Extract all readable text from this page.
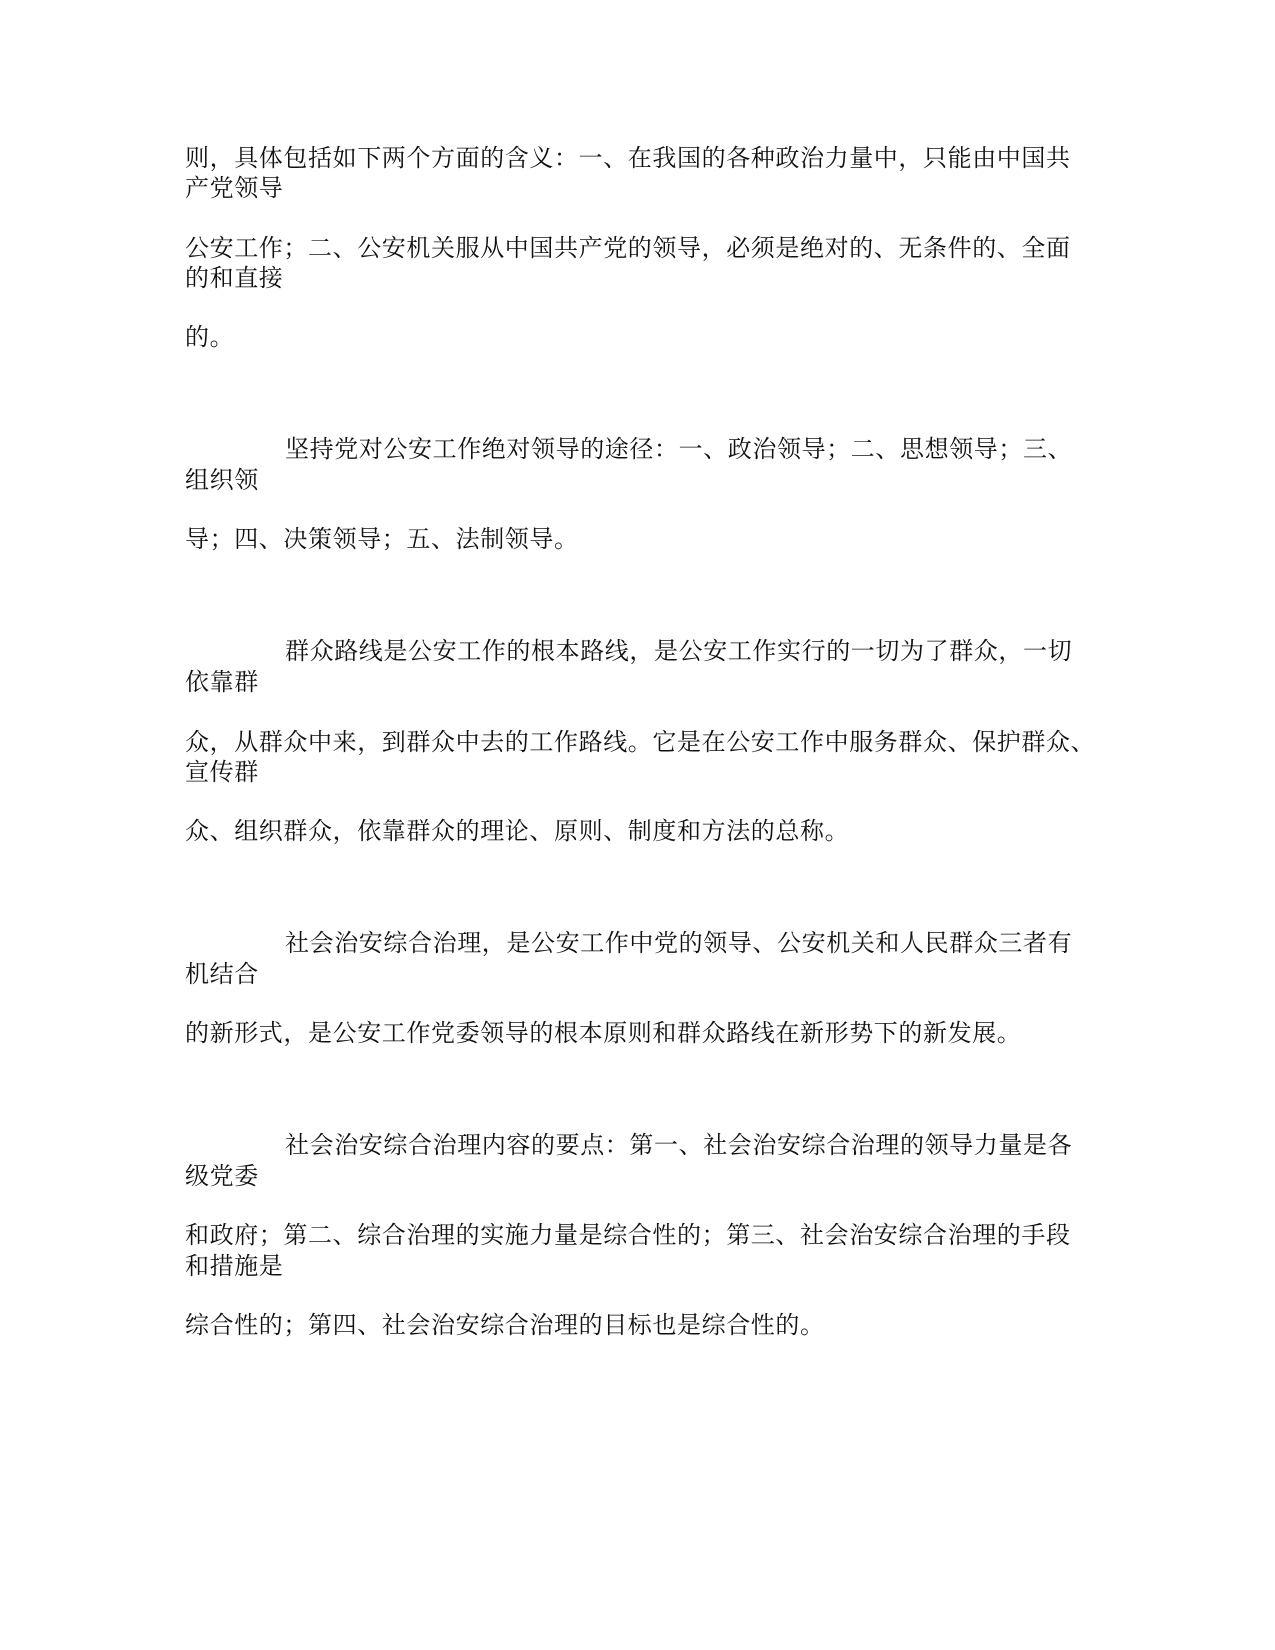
则，具体包括如下两个方面的含义：一、在我国的各种政治力量中，只能由中国共
产党领导
公安工作；二、公安机关服从中国共产党的领导，必须是绝对的、无条件的、全面
的和直接
的。
坚持党对公安工作绝对领导的途径：一、政治领导；二、思想领导；三、
组织领
导；四、决策领导；五、法制领导。
群众路线是公安工作的根本路线，是公安工作实行的一切为了群众，一切
依靠群
众，从群众中来，到群众中去的工作路线。它是在公安工作中服务群众、保护群众、
宣传群
众、组织群众，依靠群众的理论、原则、制度和方法的总称。
社会治安综合治理，是公安工作中党的领导、公安机关和人民群众三者有
机结合
的新形式，是公安工作党委领导的根本原则和群众路线在新形势下的新发展。
社会治安综合治理内容的要点：第一、社会治安综合治理的领导力量是各
级党委
和政府；第二、综合治理的实施力量是综合性的；第三、社会治安综合治理的手段
和措施是
综合性的；第四、社会治安综合治理的目标也是综合性的。
